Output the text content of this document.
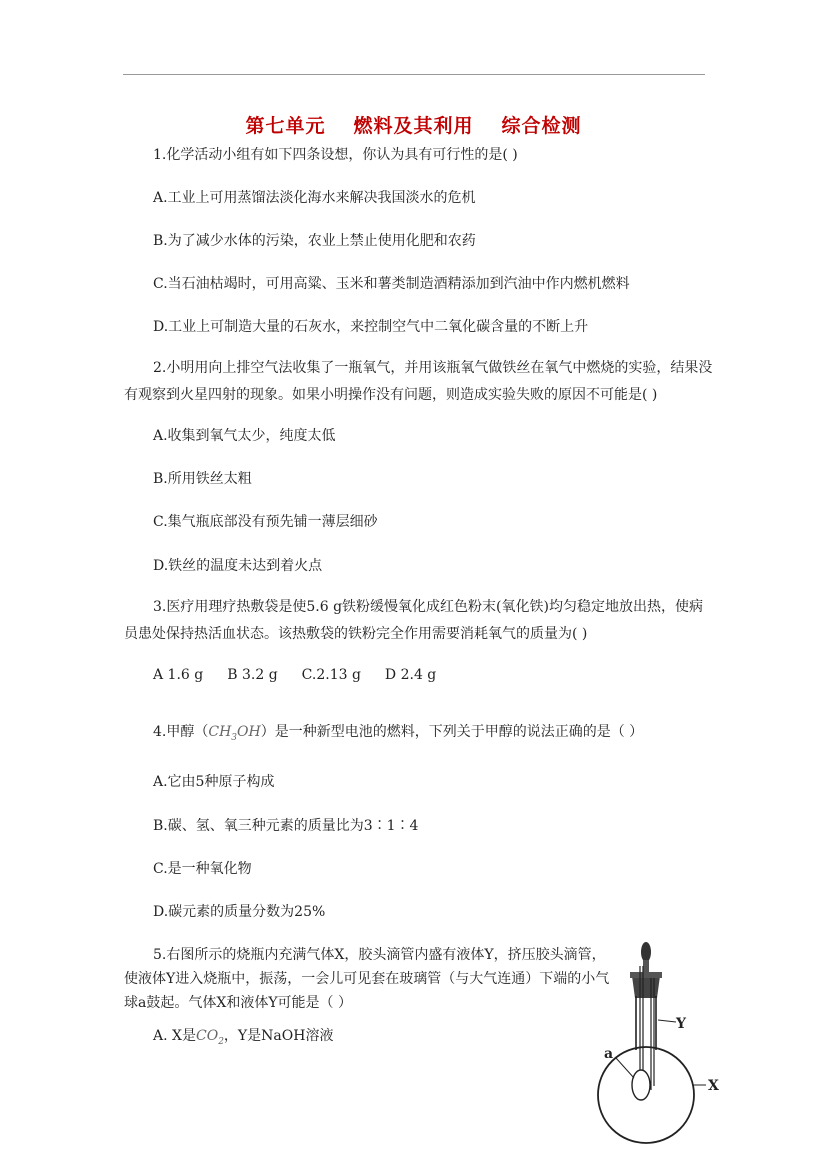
第七单元 燃料及其利用 综合检测
1.化学活动小组有如下四条设想，你认为具有可行性的是( )
A.工业上可用蒸馏法淡化海水来解决我国淡水的危机
B.为了减少水体的污染，农业上禁止使用化肥和农药
C.当石油枯竭时，可用高粱、玉米和薯类制造酒精添加到汽油中作内燃机燃料
D.工业上可制造大量的石灰水，来控制空气中二氧化碳含量的不断上升
2.小明用向上排空气法收集了一瓶氧气，并用该瓶氧气做铁丝在氧气中燃烧的实验，结果没有观察到火星四射的现象。如果小明操作没有问题，则造成实验失败的原因不可能是( )
A.收集到氧气太少，纯度太低
B.所用铁丝太粗
C.集气瓶底部没有预先铺一薄层细砂
D.铁丝的温度未达到着火点
3.医疗用理疗热敷袋是使5.6 g铁粉缓慢氧化成红色粉末(氧化铁)均匀稳定地放出热，使病员患处保持热活血状态。该热敷袋的铁粉完全作用需要消耗氧气的质量为( )
A 1.6 g B 3.2 g C.2.13 g D 2.4 g
4.甲醇$(CH_3OH)$是一种新型电池的燃料，下列关于甲醇的说法正确的是（ ）
A.它由5种原子构成
B.碳、氢、氧三种元素的质量比为3∶1∶4
C.是一种氧化物
D.碳元素的质量分数为25%
5.右图所示的烧瓶内充满气体X，胶头滴管内盛有液体Y，挤压胶头滴管，使液体Y进入烧瓶中，振荡，一会儿可见套在玻璃管（与大气连通）下端的小气球a鼓起。气体X和液体Y可能是（ ）
A. X是$CO_2$，Y是NaOH溶液
Y
a
X
